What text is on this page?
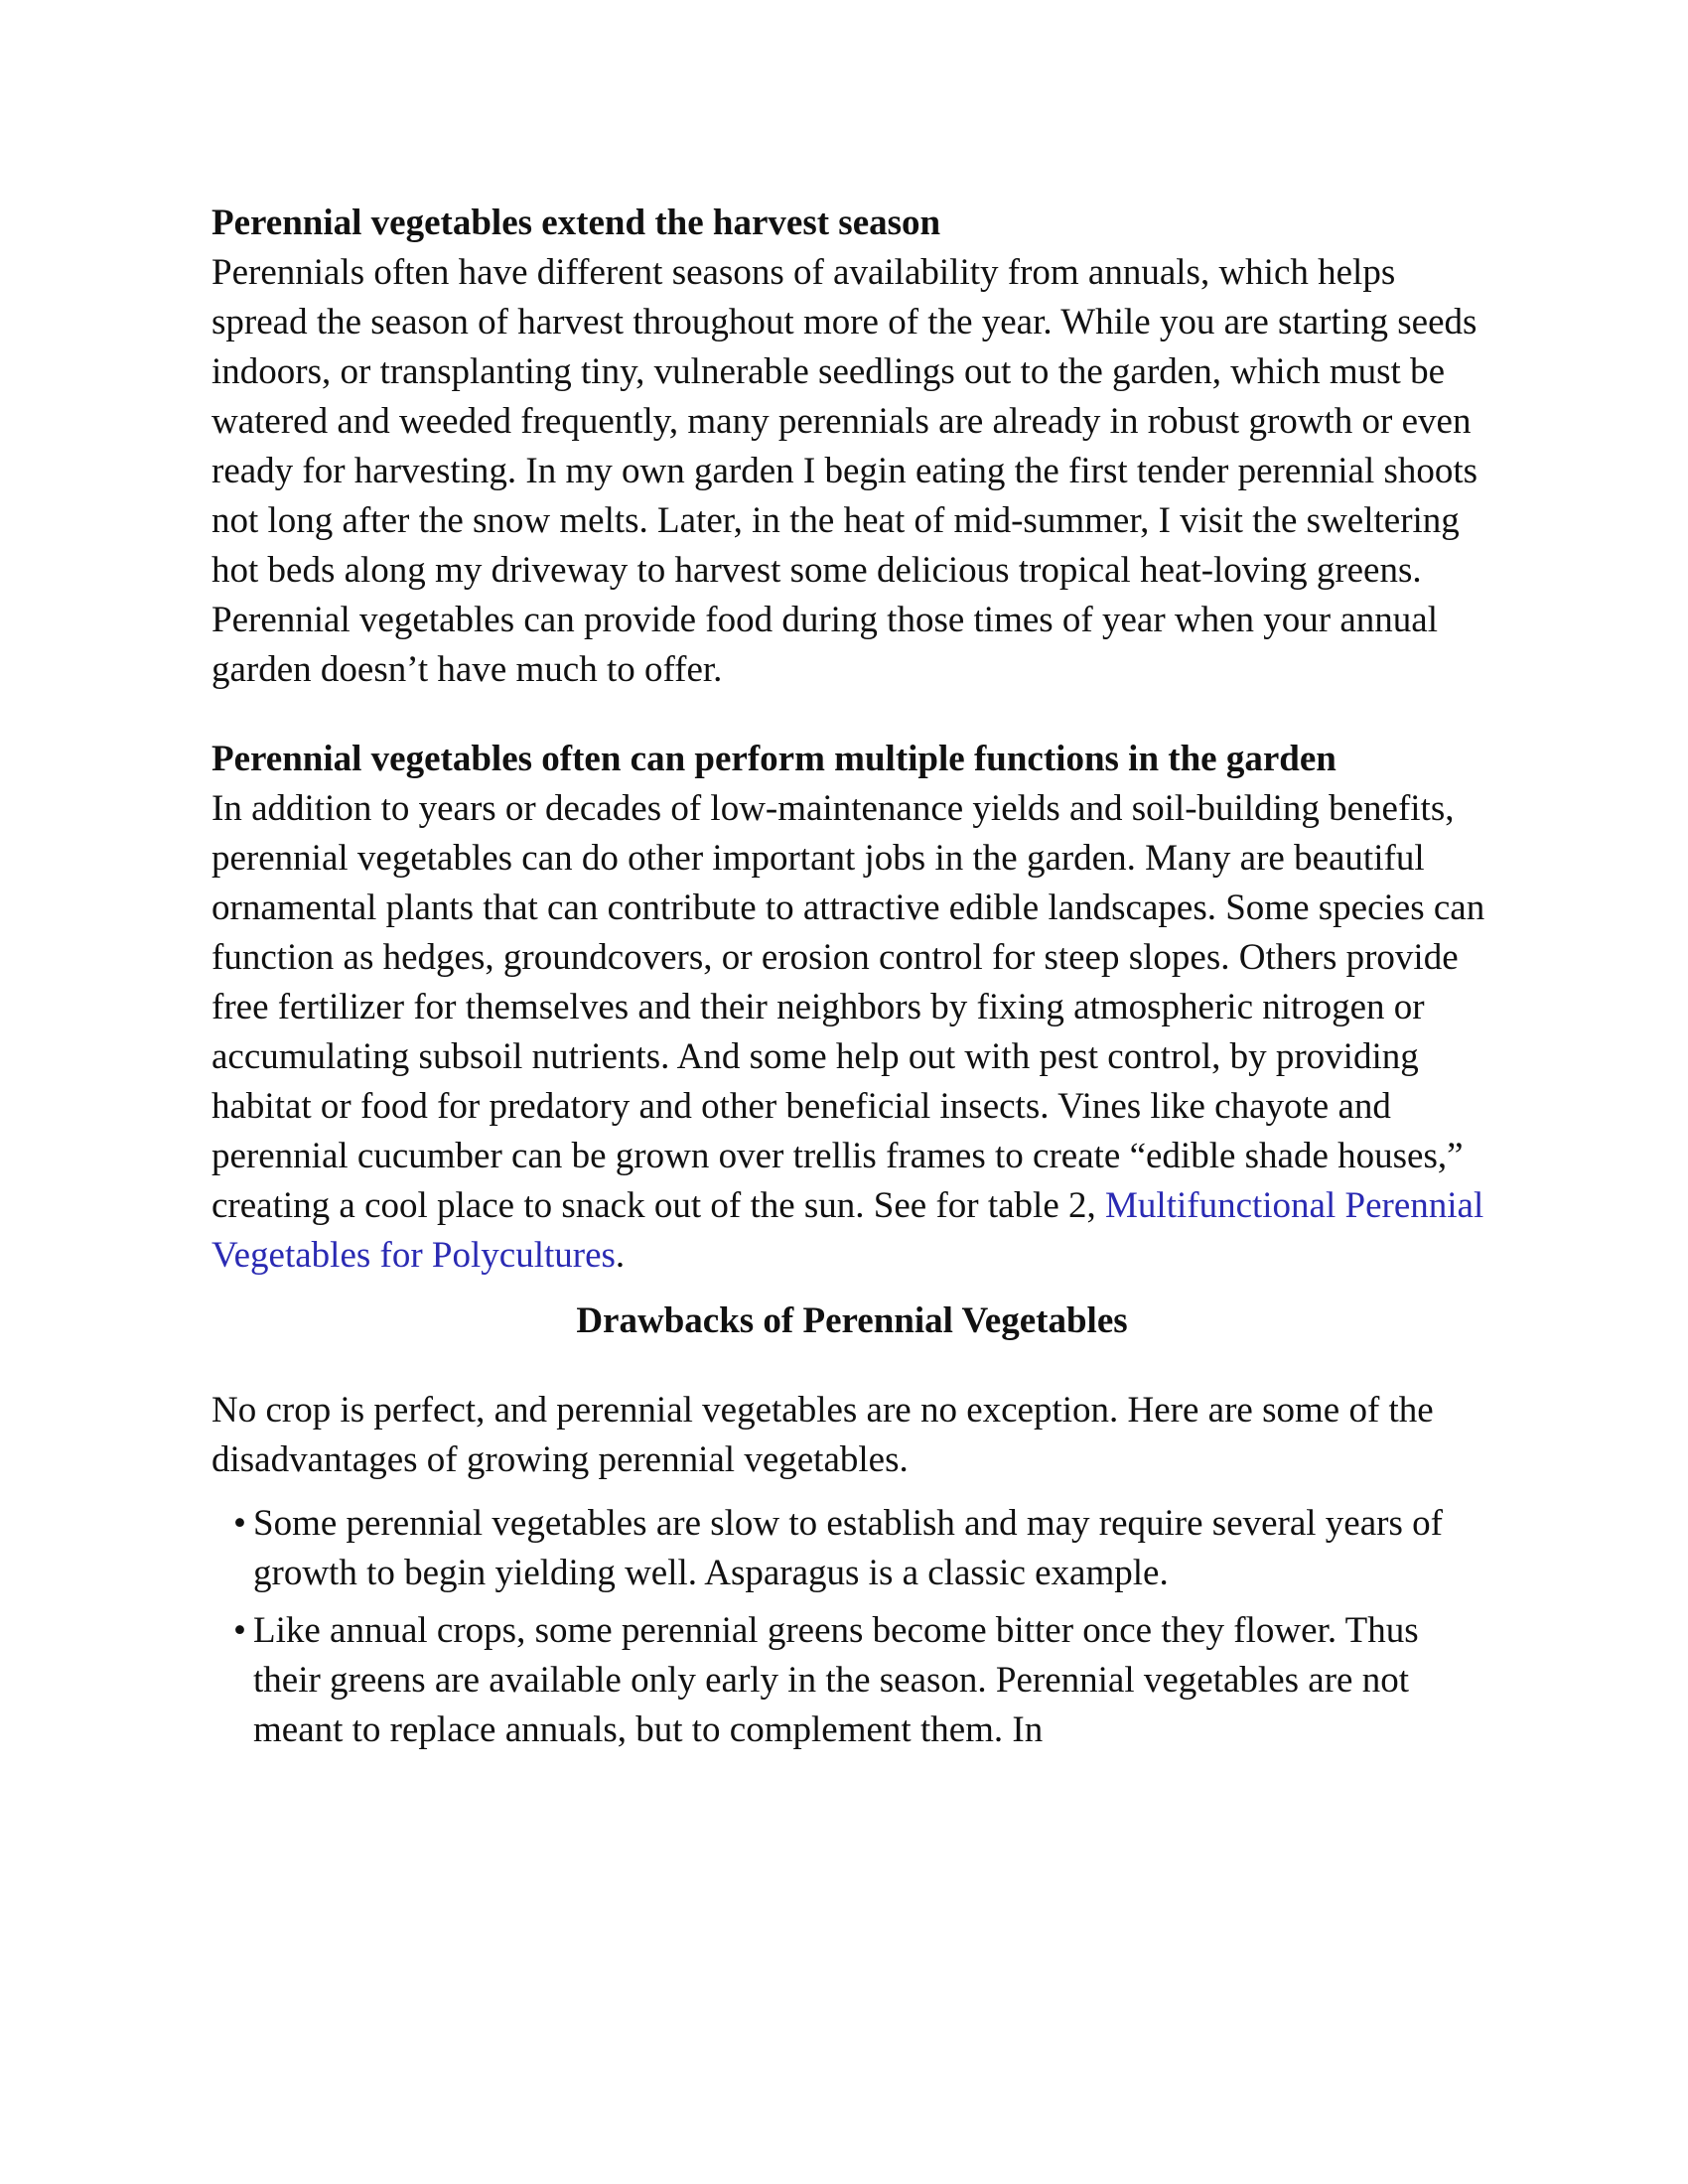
Perennial vegetables extend the harvest season

Perennials often have different seasons of availability from annuals, which helps spread the season of harvest throughout more of the year. While you are starting seeds indoors, or transplanting tiny, vulnerable seedlings out to the garden, which must be watered and weeded frequently, many perennials are already in robust growth or even ready for harvesting. In my own garden I begin eating the first tender perennial shoots not long after the snow melts. Later, in the heat of mid-summer, I visit the sweltering hot beds along my driveway to harvest some delicious tropical heat-loving greens. Perennial vegetables can provide food during those times of year when your annual garden doesn’t have much to offer.

Perennial vegetables often can perform multiple functions in the garden

In addition to years or decades of low-maintenance yields and soil-building benefits, perennial vegetables can do other important jobs in the garden. Many are beautiful ornamental plants that can contribute to attractive edible landscapes. Some species can function as hedges, groundcovers, or erosion control for steep slopes. Others provide free fertilizer for themselves and their neighbors by fixing atmospheric nitrogen or accumulating subsoil nutrients. And some help out with pest control, by providing habitat or food for predatory and other beneficial insects. Vines like chayote and perennial cucumber can be grown over trellis frames to create “edible shade houses,” creating a cool place to snack out of the sun. See for table 2, Multifunctional Perennial Vegetables for Polycultures.

Drawbacks of Perennial Vegetables

No crop is perfect, and perennial vegetables are no exception. Here are some of the disadvantages of growing perennial vegetables.

• Some perennial vegetables are slow to establish and may require several years of growth to begin yielding well. Asparagus is a classic example.
• Like annual crops, some perennial greens become bitter once they flower. Thus their greens are available only early in the season. Perennial vegetables are not meant to replace annuals, but to complement them. In
